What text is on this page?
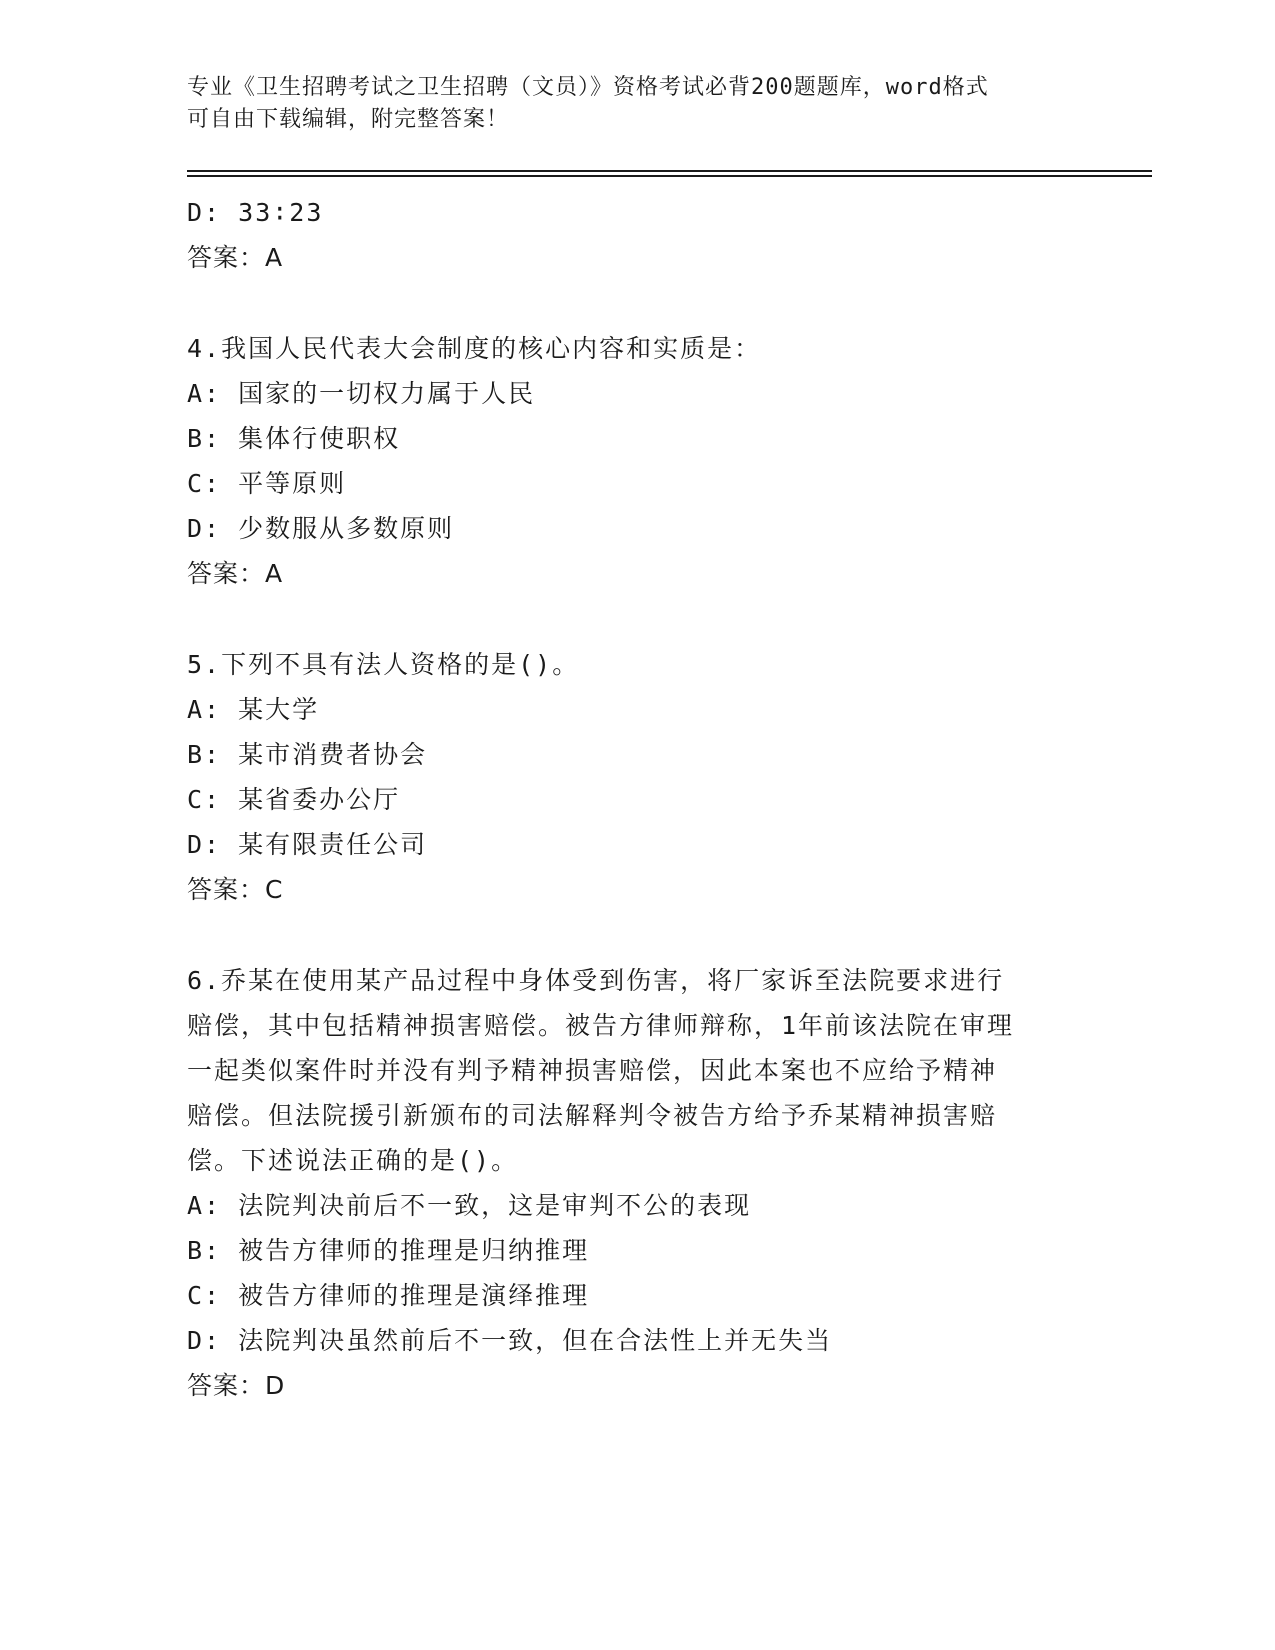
专业《卫生招聘考试之卫生招聘（文员）》资格考试必背200题题库，word格式
可自由下载编辑，附完整答案！
D: 33∶23
答案：A
4.我国人民代表大会制度的核心内容和实质是：
A: 国家的一切权力属于人民
B: 集体行使职权
C: 平等原则
D: 少数服从多数原则
答案：A
5.下列不具有法人资格的是()。
A: 某大学
B: 某市消费者协会
C: 某省委办公厅
D: 某有限责任公司
答案：C
6.乔某在使用某产品过程中身体受到伤害，将厂家诉至法院要求进行
赔偿，其中包括精神损害赔偿。被告方律师辩称，1年前该法院在审理
一起类似案件时并没有判予精神损害赔偿，因此本案也不应给予精神
赔偿。但法院援引新颁布的司法解释判令被告方给予乔某精神损害赔
偿。下述说法正确的是()。
A: 法院判决前后不一致，这是审判不公的表现
B: 被告方律师的推理是归纳推理
C: 被告方律师的推理是演绎推理
D: 法院判决虽然前后不一致，但在合法性上并无失当
答案：D
